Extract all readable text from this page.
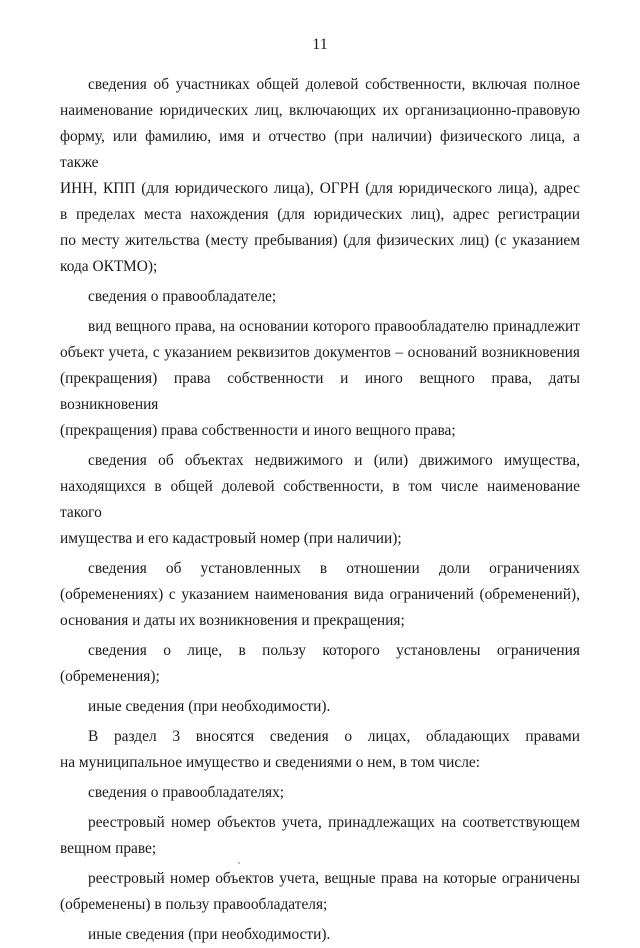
11

сведения об участниках общей долевой собственности, включая полное
наименование юридических лиц, включающих их организационно-правовую
форму, или фамилию, имя и отчество (при наличии) физического лица, а также
ИНН, КПП (для юридического лица), ОГРН (для юридического лица), адрес
в пределах места нахождения (для юридических лиц), адрес регистрации
по месту жительства (месту пребывания) (для физических лиц) (с указанием
кода ОКТМО);

сведения о правообладателе;

вид вещного права, на основании которого правообладателю принадлежит
объект учета, с указанием реквизитов документов – оснований возникновения
(прекращения) права собственности и иного вещного права, даты возникновения
(прекращения) права собственности и иного вещного права;

сведения об объектах недвижимого и (или) движимого имущества,
находящихся в общей долевой собственности, в том числе наименование такого
имущества и его кадастровый номер (при наличии);

сведения об установленных в отношении доли ограничениях
(обременениях) с указанием наименования вида ограничений (обременений),
основания и даты их возникновения и прекращения;

сведения о лице, в пользу которого установлены ограничения
(обременения);

иные сведения (при необходимости).

В раздел 3 вносятся сведения о лицах, обладающих правами
на муниципальное имущество и сведениями о нем, в том числе:

сведения о правообладателях;

реестровый номер объектов учета, принадлежащих на соответствующем
вещном праве;

реестровый номер объектов учета, вещные права на которые ограничены
(обременены) в пользу правообладателя;

иные сведения (при необходимости).
